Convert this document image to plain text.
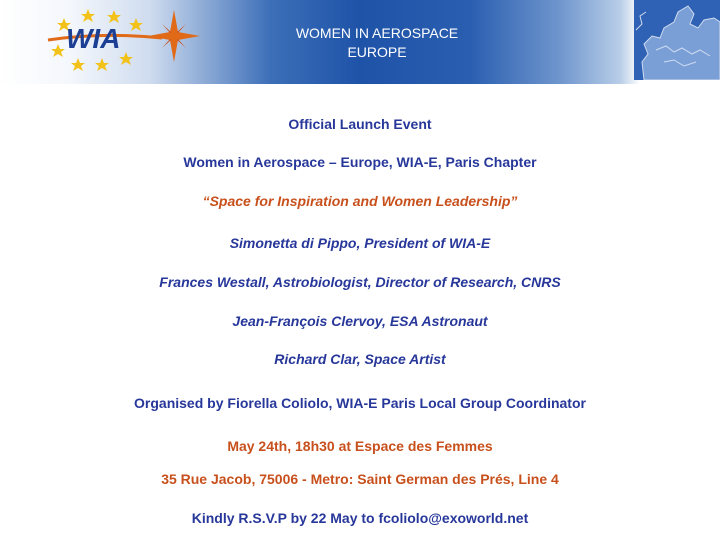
WIA	WOMEN IN AEROSPACE
EUROPE
Official Launch Event
Women in Aerospace – Europe, WIA-E, Paris Chapter
“Space for Inspiration and Women Leadership”
Simonetta di Pippo, President of WIA-E
Frances Westall, Astrobiologist, Director of Research, CNRS
Jean-François Clervoy, ESA Astronaut
Richard Clar, Space Artist
Organised by Fiorella Coliolo, WIA-E Paris Local Group Coordinator
May 24th, 18h30 at Espace des Femmes
35 Rue Jacob, 75006 - Metro: Saint German des Prés, Line 4
Kindly R.S.V.P by 22 May to fcoliolo@exoworld.net
